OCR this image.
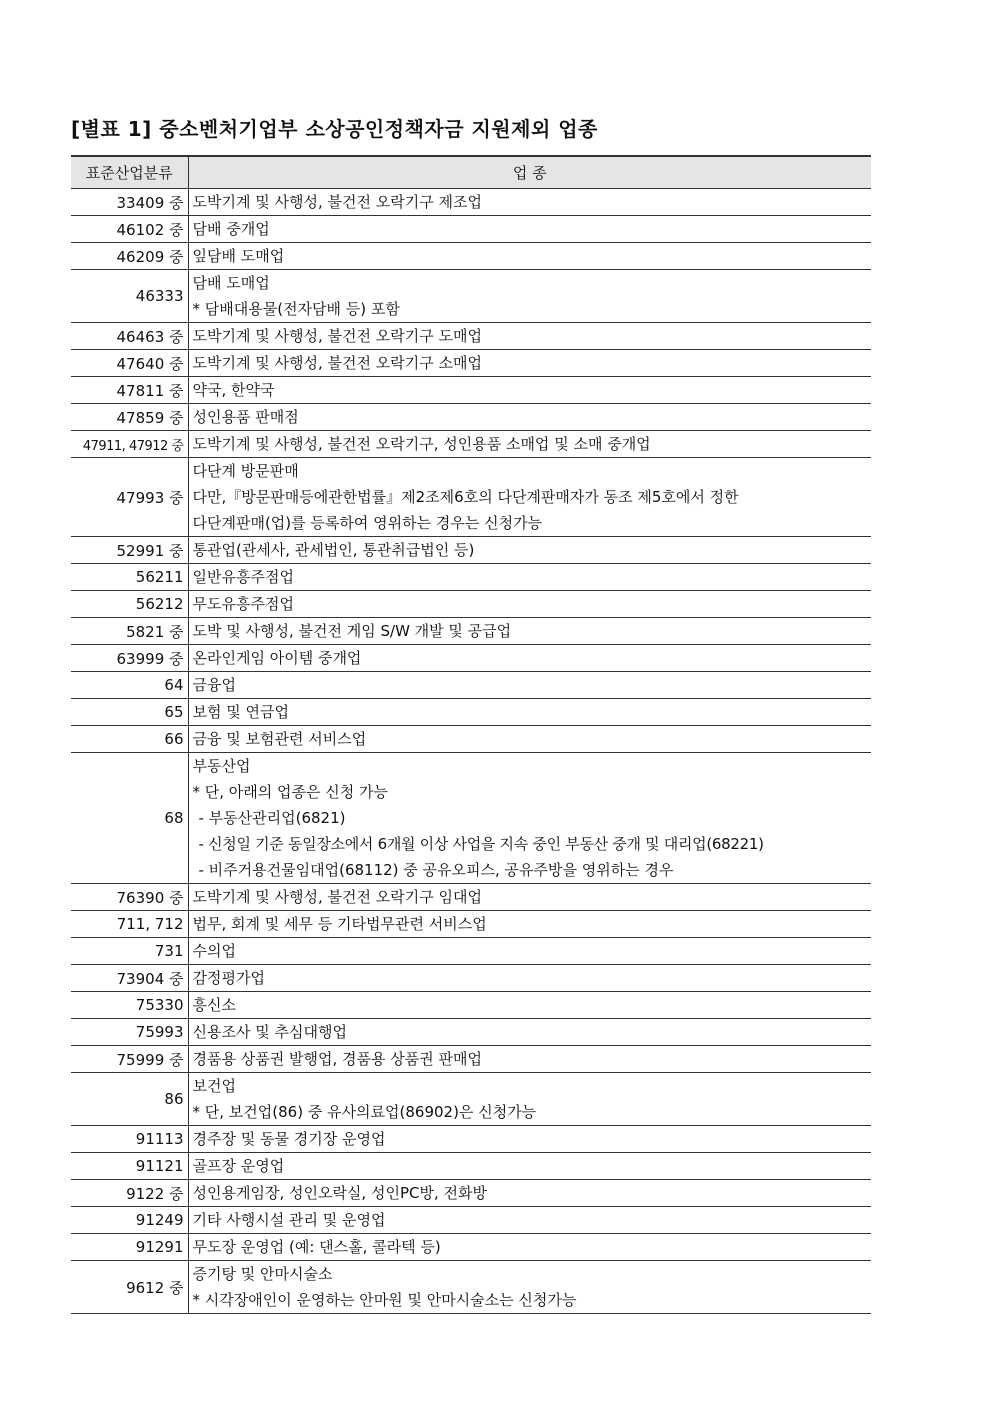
[별표 1] 중소벤처기업부 소상공인정책자금 지원제외 업종
표준산업분류	업 종
33409 중	도박기계 및 사행성, 불건전 오락기구 제조업

46102 중	담배 중개업

46209 중	잎담배 도매업

46333	담배 도매업
* 담배대용물(전자담배 등) 포함

46463 중	도박기계 및 사행성, 불건전 오락기구 도매업

47640 중	도박기계 및 사행성, 불건전 오락기구 소매업

47811 중	약국, 한약국

47859 중	성인용품 판매점

47911, 47912 중	도박기계 및 사행성, 불건전 오락기구, 성인용품 소매업 및 소매 중개업

47993 중	다단계 방문판매
다만,『방문판매등에관한법률』제2조제6호의 다단계판매자가 동조 제5호에서 정한
다단계판매(업)를 등록하여 영위하는 경우는 신청가능

52991 중	통관업(관세사, 관세법인, 통관취급법인 등)

56211	일반유흥주점업

56212	무도유흥주점업

5821 중	도박 및 사행성, 불건전 게임 S/W 개발 및 공급업

63999 중	온라인게임 아이템 중개업

64	금융업

65	보험 및 연금업

66	금융 및 보험관련 서비스업

68	부동산업
* 단, 아래의 업종은 신청 가능
- 부동산관리업(6821)
- 신청일 기준 동일장소에서 6개월 이상 사업을 지속 중인 부동산 중개 및 대리업(68221)
- 비주거용건물임대업(68112) 중 공유오피스, 공유주방을 영위하는 경우

76390 중	도박기계 및 사행성, 불건전 오락기구 임대업

711, 712	법무, 회계 및 세무 등 기타법무관련 서비스업

731	수의업

73904 중	감정평가업

75330	흥신소

75993	신용조사 및 추심대행업

75999 중	경품용 상품권 발행업, 경품용 상품권 판매업

86	보건업
* 단, 보건업(86) 중 유사의료업(86902)은 신청가능

91113	경주장 및 동물 경기장 운영업

91121	골프장 운영업

9122 중	성인용게임장, 성인오락실, 성인PC방, 전화방

91249	기타 사행시설 관리 및 운영업

91291	무도장 운영업 (예: 댄스홀, 콜라텍 등)

9612 중	증기탕 및 안마시술소
* 시각장애인이 운영하는 안마원 및 안마시술소는 신청가능
